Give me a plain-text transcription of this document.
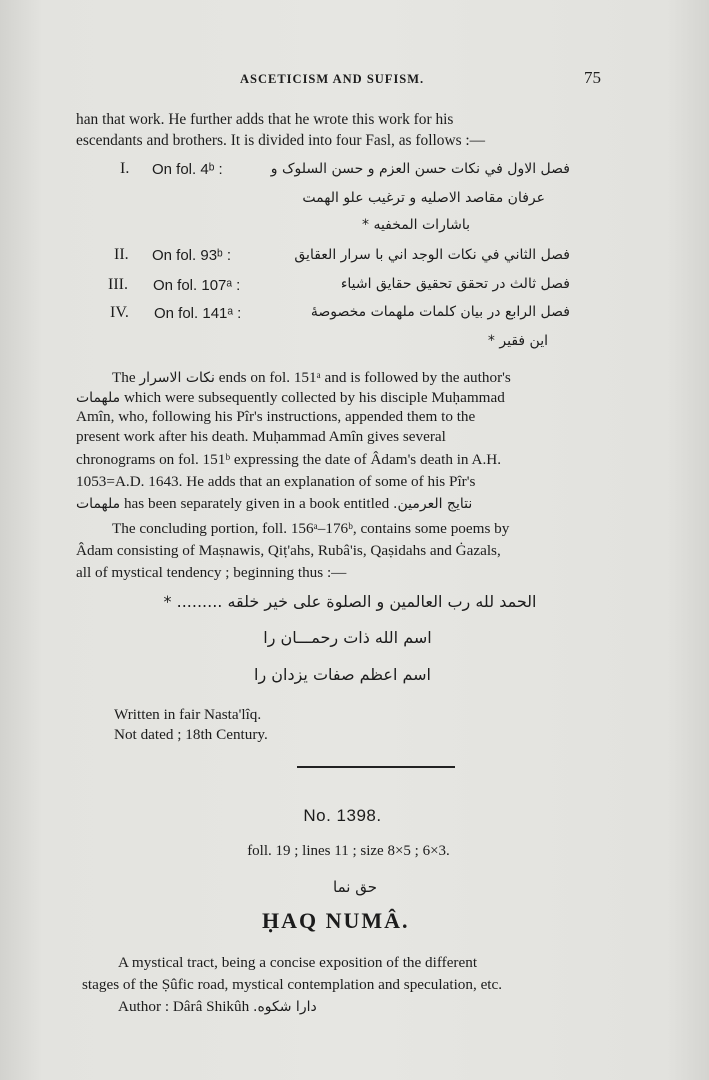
ASCETICISM AND SUFISM.	75
han that work. He further adds that he wrote this work for his
escendants and brothers. It is divided into four Fasl, as follows :—
I. On fol. 4ᵇ :	فصل الاول في نکات حسن العزم و حسن السلوک و
عرفان مقاصد الاصلیه و ترغیب علو الهمت
باشارات المخفیه *
II. On fol. 93ᵇ :	فصل الثاني في نکات الوجد اني با سرار العقایق
III. On fol. 107ᵃ :	فصل ثالث در تحقق تحقیق حقایق اشیاء
IV. On fol. 141ᵃ :	فصل الرابع در بیان کلمات ملهمات مخصوصهٔ
این فقیر *
The نکات الاسرار ends on fol. 151ᵃ and is followed by the author's
ملهمات which were subsequently collected by his disciple Muḥammad
Amîn, who, following his Pîr's instructions, appended them to the
present work after his death. Muḥammad Amîn gives several
chronograms on fol. 151ᵇ expressing the date of Âdam's death in A.H.
1053=A.D. 1643. He adds that an explanation of some of his Pîr's
ملهمات has been separately given in a book entitled نتایج العرمین.
The concluding portion, foll. 156ᵃ–176ᵇ, contains some poems by
Âdam consisting of Maṣnawis, Qiṭ'ahs, Rubâ'is, Qaṣidahs and Ġazals,
all of mystical tendency ; beginning thus :—
الحمد لله رب العالمین و الصلوة علی خیر خلقه ......... *
اسم الله ذات رحمـــان را
اسم اعظم صفات یزدان را
Written in fair Nasta'lîq.
Not dated ; 18th Century.
No. 1398.
foll. 19 ; lines 11 ; size 8×5 ; 6×3.
حق نما
ḤAQ NUMÂ.
A mystical tract, being a concise exposition of the different
stages of the Ṣûfic road, mystical contemplation and speculation, etc.
Author : Dârâ Shikûh دارا شکوه.
